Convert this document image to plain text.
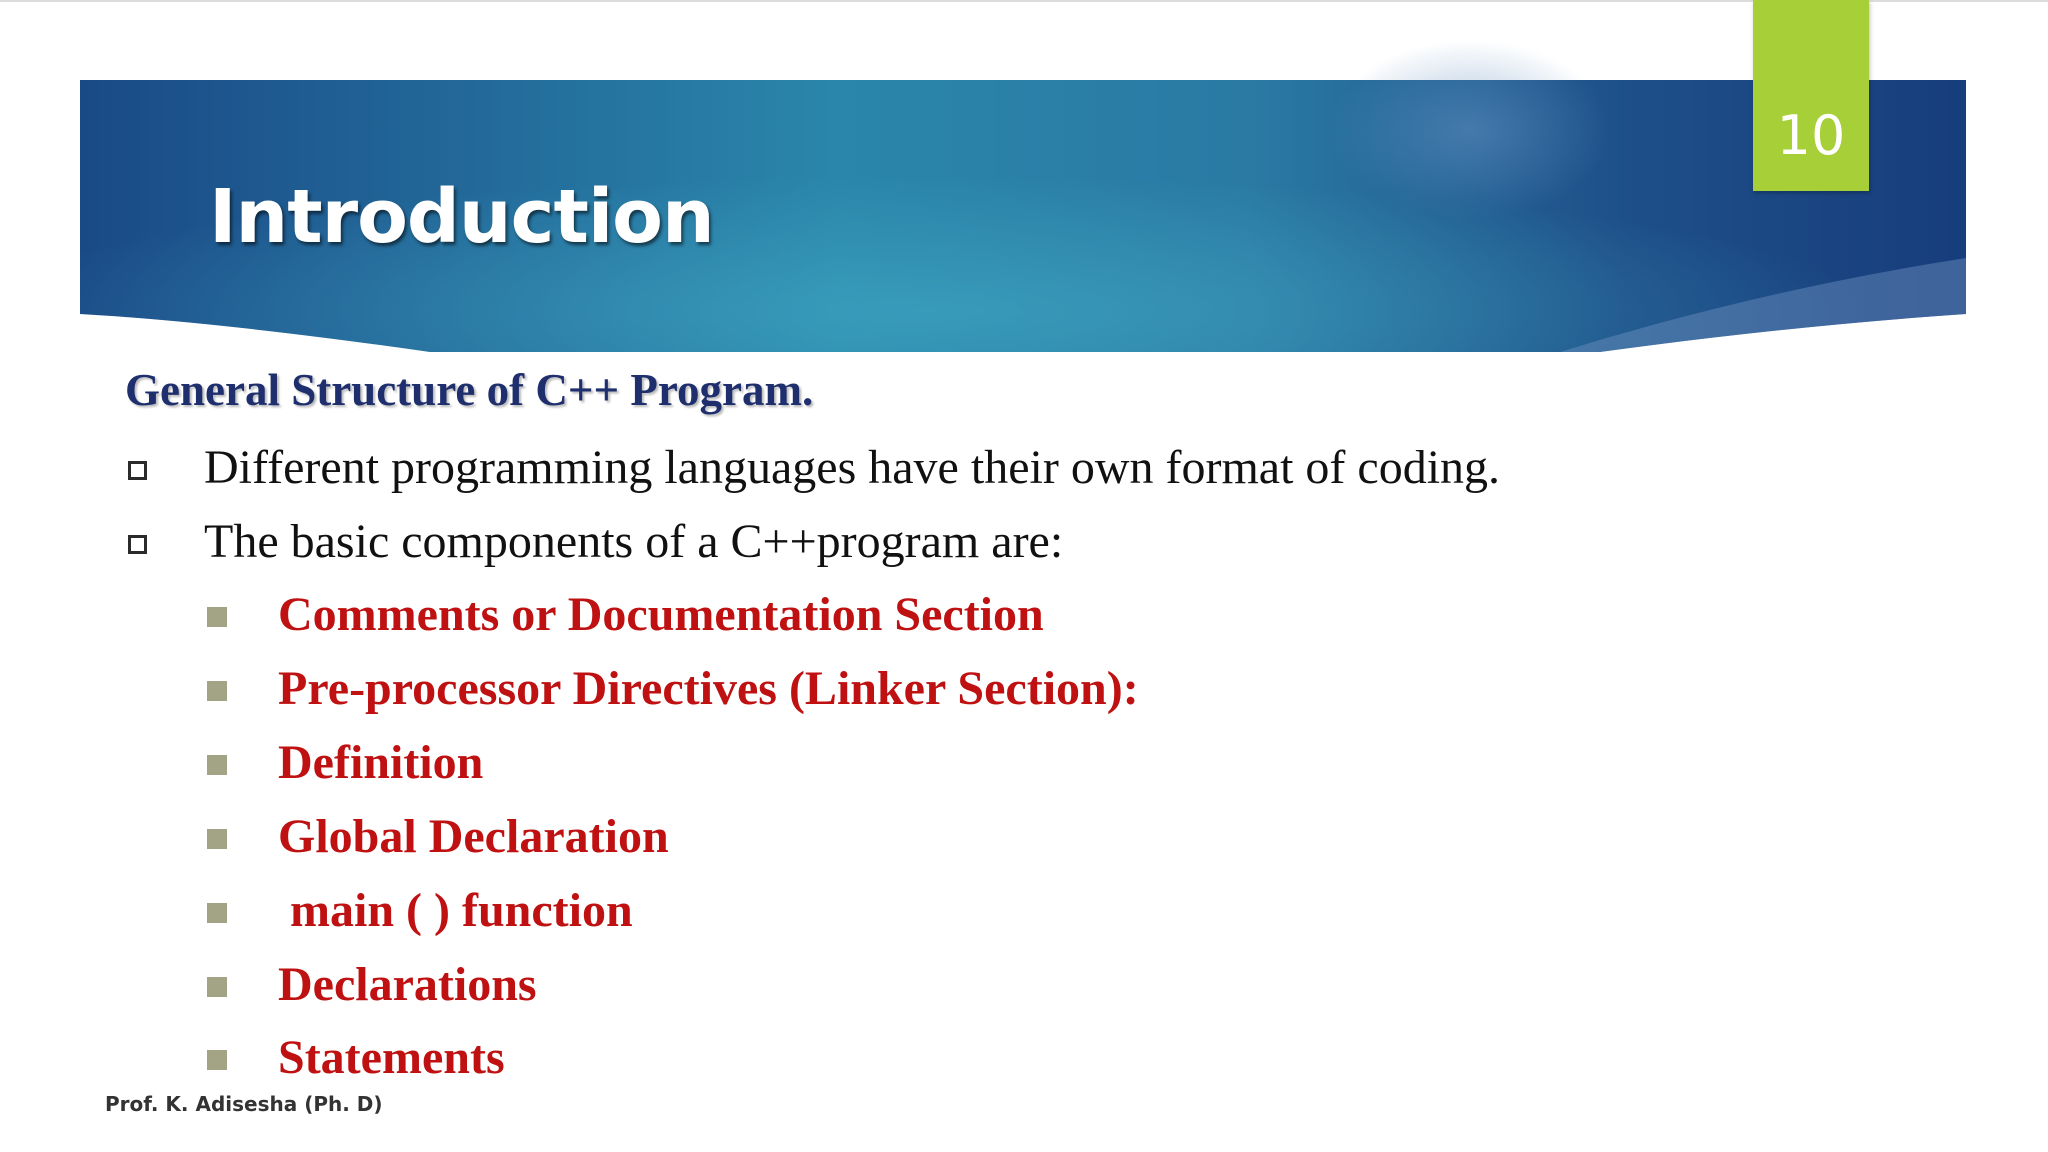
10
Introduction
General Structure of C++ Program.
Different programming languages have their own format of coding.
The basic components of a C++program are:
Comments or Documentation Section
Pre-processor Directives (Linker Section):
Definition
Global Declaration
main ( ) function
Declarations
Statements
Prof. K. Adisesha (Ph. D)
